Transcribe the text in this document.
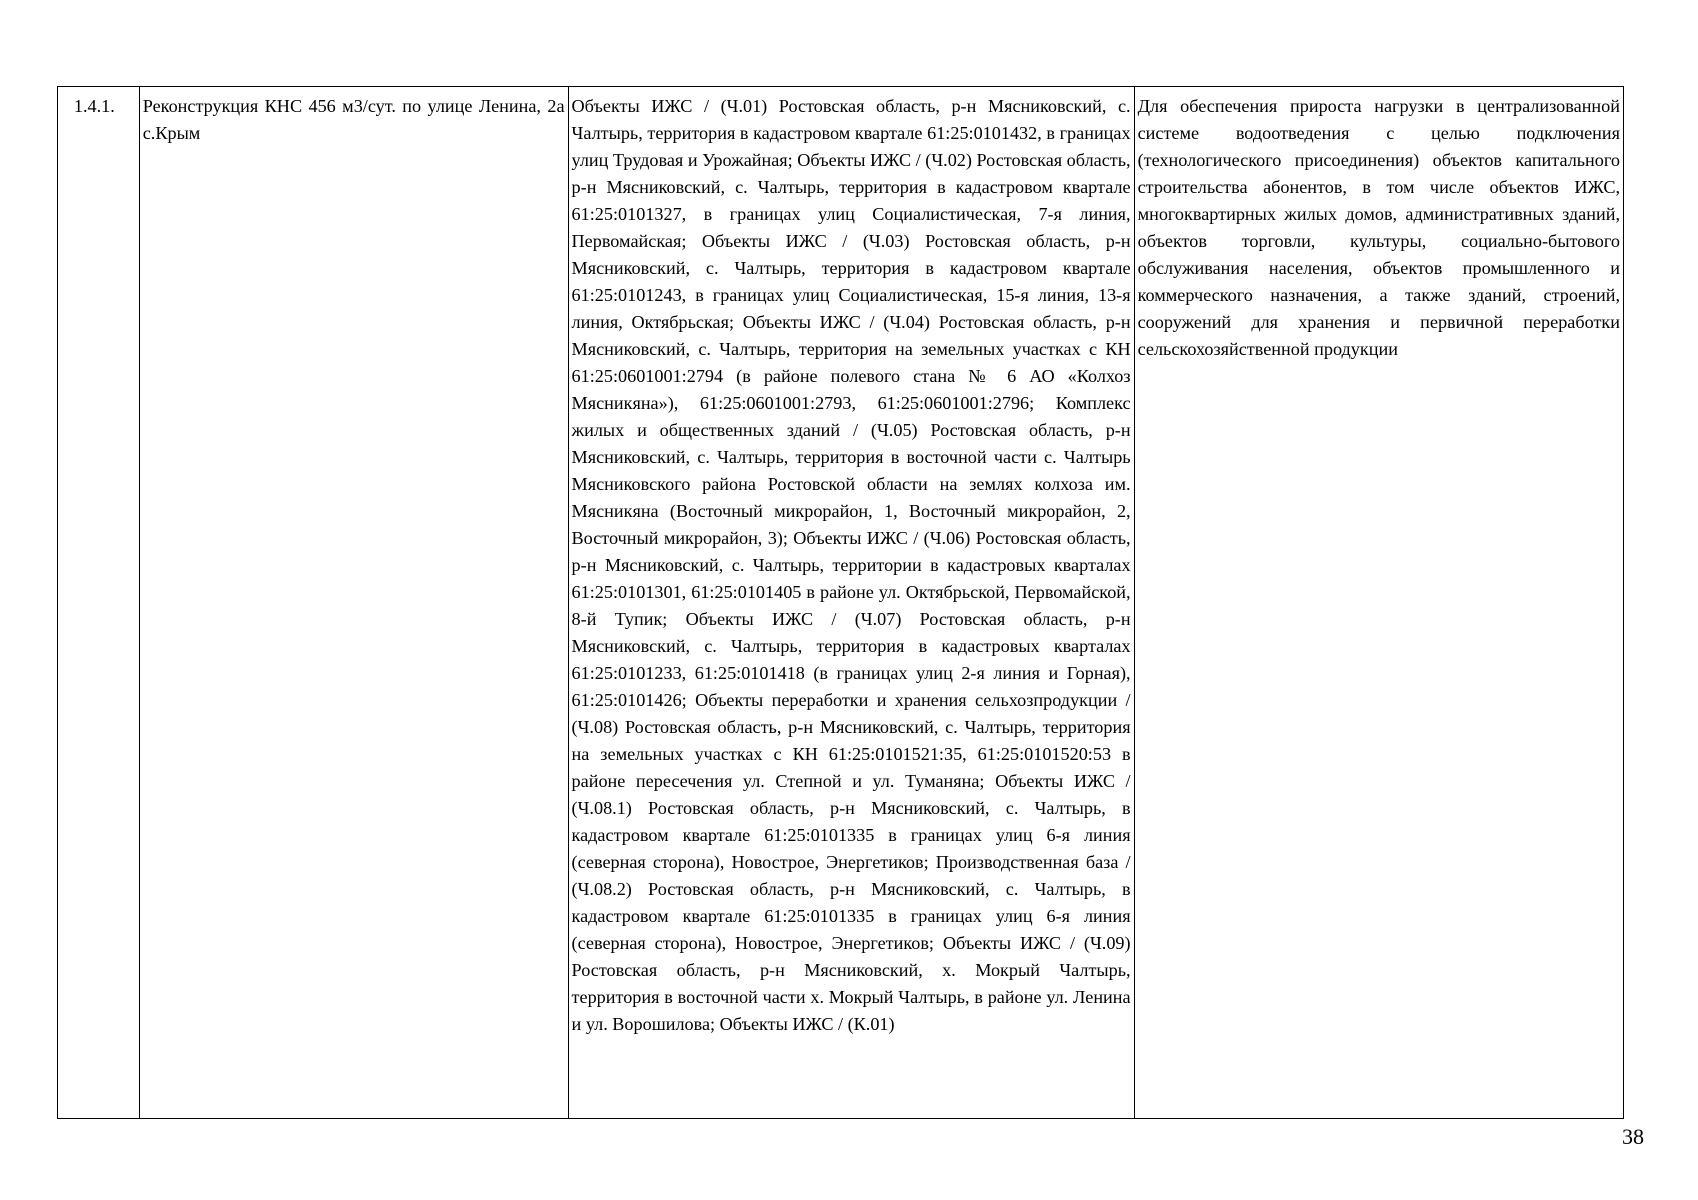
1.4.1.	Реконструкция КНС 456 м3/сут. по улице Ленина, 2а с.Крым	Объекты ИЖС / (Ч.01) Ростовская область, р-н Мясниковский, с. Чалтырь, территория в кадастровом квартале 61:25:0101432, в границах улиц Трудовая и Урожайная; Объекты ИЖС / (Ч.02) Ростовская область, р-н Мясниковский, с. Чалтырь, территория в кадастровом квартале 61:25:0101327, в границах улиц Социалистическая, 7-я линия, Первомайская; Объекты ИЖС / (Ч.03) Ростовская область, р-н Мясниковский, с. Чалтырь, территория в кадастровом квартале 61:25:0101243, в границах улиц Социалистическая, 15-я линия, 13-я линия, Октябрьская; Объекты ИЖС / (Ч.04) Ростовская область, р-н Мясниковский, с. Чалтырь, территория на земельных участках с КН 61:25:0601001:2794 (в районе полевого стана № 6 АО «Колхоз Мясникяна»), 61:25:0601001:2793, 61:25:0601001:2796; Комплекс жилых и общественных зданий / (Ч.05) Ростовская область, р-н Мясниковский, с. Чалтырь, территория в восточной части с. Чалтырь Мясниковского района Ростовской области на землях колхоза им. Мясникяна (Восточный микрорайон, 1, Восточный микрорайон, 2, Восточный микрорайон, 3); Объекты ИЖС / (Ч.06) Ростовская область, р-н Мясниковский, с. Чалтырь, территории в кадастровых кварталах 61:25:0101301, 61:25:0101405 в районе ул. Октябрьской, Первомайской, 8-й Тупик; Объекты ИЖС / (Ч.07) Ростовская область, р-н Мясниковский, с. Чалтырь, территория в кадастровых кварталах 61:25:0101233, 61:25:0101418 (в границах улиц 2-я линия и Горная), 61:25:0101426; Объекты переработки и хранения сельхозпродукции / (Ч.08) Ростовская область, р-н Мясниковский, с. Чалтырь, территория на земельных участках с КН 61:25:0101521:35, 61:25:0101520:53 в районе пересечения ул. Степной и ул. Туманяна; Объекты ИЖС / (Ч.08.1) Ростовская область, р-н Мясниковский, с. Чалтырь, в кадастровом квартале 61:25:0101335 в границах улиц 6-я линия (северная сторона), Новострое, Энергетиков; Производственная база / (Ч.08.2) Ростовская область, р-н Мясниковский, с. Чалтырь, в кадастровом квартале 61:25:0101335 в границах улиц 6-я линия (северная сторона), Новострое, Энергетиков; Объекты ИЖС / (Ч.09) Ростовская область, р-н Мясниковский, х. Мокрый Чалтырь, территория в восточной части х. Мокрый Чалтырь, в районе ул. Ленина и ул. Ворошилова; Объекты ИЖС / (К.01)	Для обеспечения прироста нагрузки в централизованной системе водоотведения с целью подключения (технологического присоединения) объектов капитального строительства абонентов, в том числе объектов ИЖС, многоквартирных жилых домов, административных зданий, объектов торговли, культуры, социально-бытового обслуживания населения, объектов промышленного и коммерческого назначения, а также зданий, строений, сооружений для хранения и первичной переработки сельскохозяйственной продукции
38
